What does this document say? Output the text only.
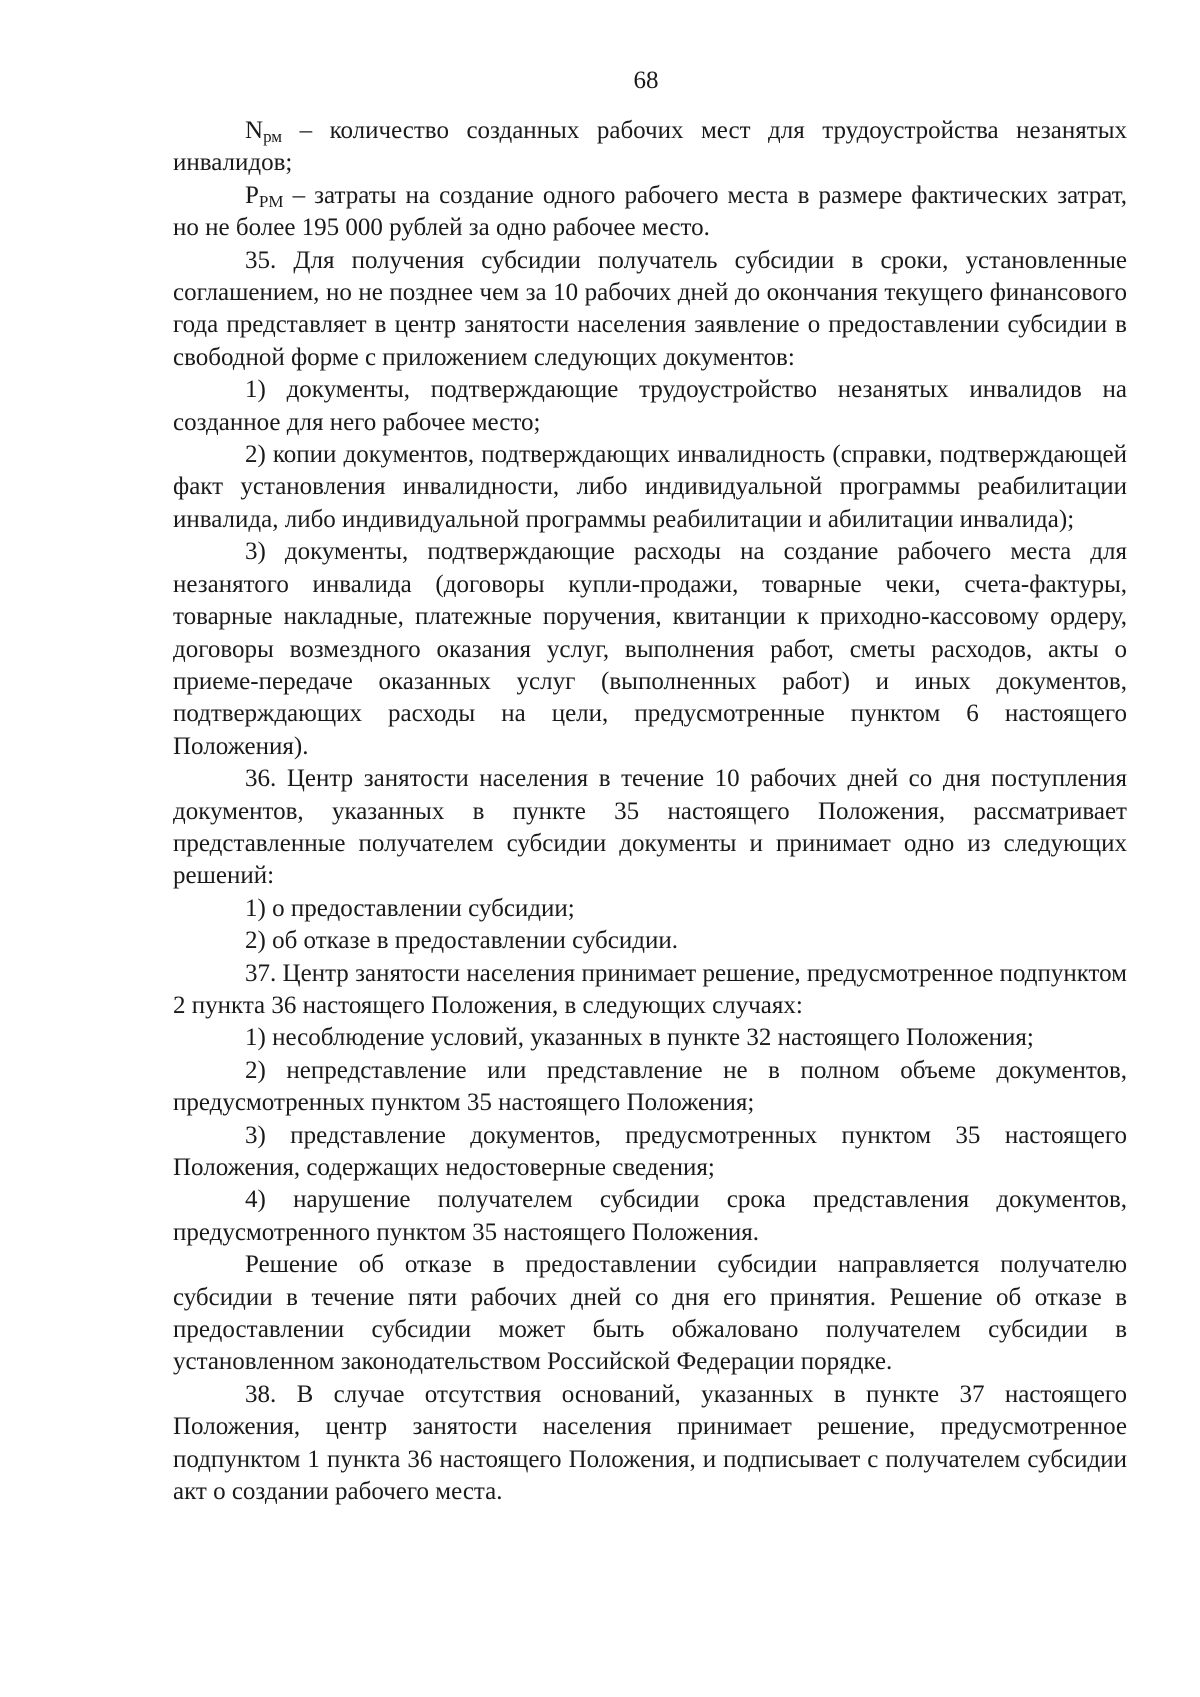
68

$N_{рм}$ – количество созданных рабочих мест для трудоустройства незанятых инвалидов;

$Р_{РМ}$ – затраты на создание одного рабочего места в размере фактических затрат, но не более 195 000 рублей за одно рабочее место.

35. Для получения субсидии получатель субсидии в сроки, установленные соглашением, но не позднее чем за 10 рабочих дней до окончания текущего финансового года представляет в центр занятости населения заявление о предоставлении субсидии в свободной форме с приложением следующих документов:

1) документы, подтверждающие трудоустройство незанятых инвалидов на созданное для него рабочее место;

2) копии документов, подтверждающих инвалидность (справки, подтверждающей факт установления инвалидности, либо индивидуальной программы реабилитации инвалида, либо индивидуальной программы реабилитации и абилитации инвалида);

3) документы, подтверждающие расходы на создание рабочего места для незанятого инвалида (договоры купли-продажи, товарные чеки, счета-фактуры, товарные накладные, платежные поручения, квитанции к приходно-кассовому ордеру, договоры возмездного оказания услуг, выполнения работ, сметы расходов, акты о приеме-передаче оказанных услуг (выполненных работ) и иных документов, подтверждающих расходы на цели, предусмотренные пунктом 6 настоящего Положения).

36. Центр занятости населения в течение 10 рабочих дней со дня поступления документов, указанных в пункте 35 настоящего Положения, рассматривает представленные получателем субсидии документы и принимает одно из следующих решений:

1) о предоставлении субсидии;

2) об отказе в предоставлении субсидии.

37. Центр занятости населения принимает решение, предусмотренное подпунктом 2 пункта 36 настоящего Положения, в следующих случаях:

1) несоблюдение условий, указанных в пункте 32 настоящего Положения;

2) непредставление или представление не в полном объеме документов, предусмотренных пунктом 35 настоящего Положения;

3) представление документов, предусмотренных пунктом 35 настоящего Положения, содержащих недостоверные сведения;

4) нарушение получателем субсидии срока представления документов, предусмотренного пунктом 35 настоящего Положения.

Решение об отказе в предоставлении субсидии направляется получателю субсидии в течение пяти рабочих дней со дня его принятия. Решение об отказе в предоставлении субсидии может быть обжаловано получателем субсидии в установленном законодательством Российской Федерации порядке.

38. В случае отсутствия оснований, указанных в пункте 37 настоящего Положения, центр занятости населения принимает решение, предусмотренное подпунктом 1 пункта 36 настоящего Положения, и подписывает с получателем субсидии акт о создании рабочего места.
